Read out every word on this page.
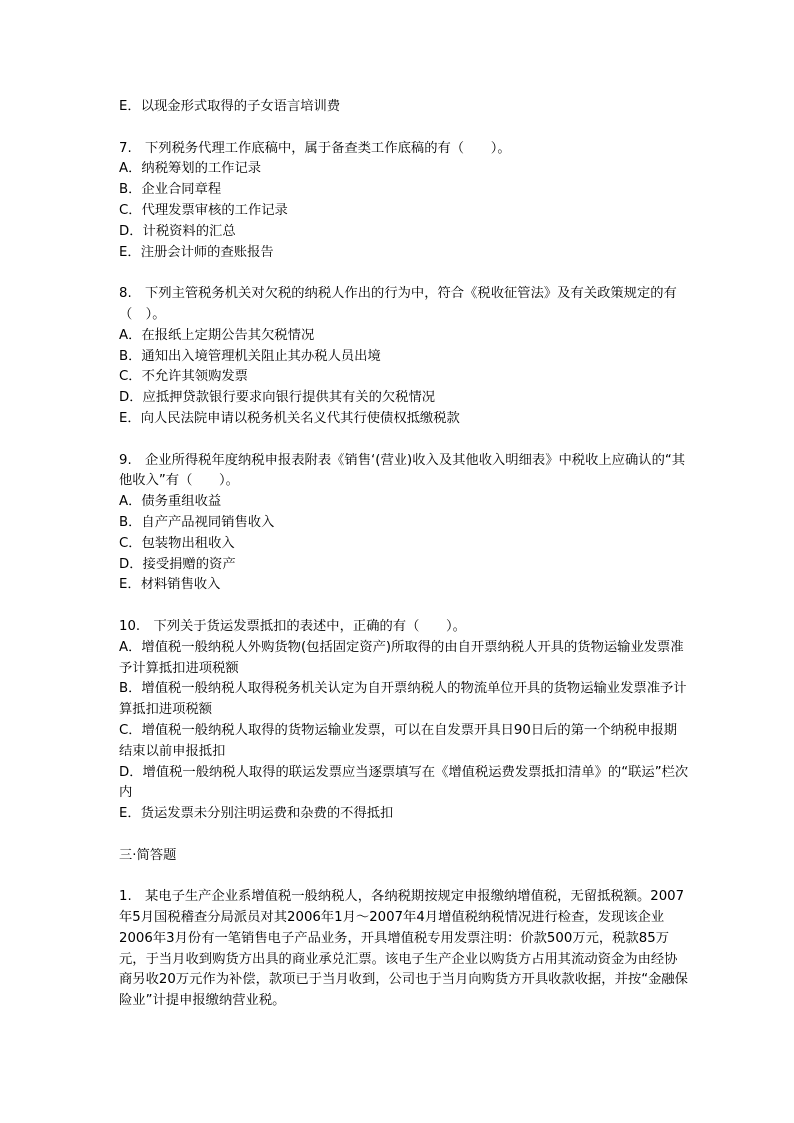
E．以现金形式取得的子女语言培训费
7.　下列税务代理工作底稿中，属于备查类工作底稿的有（　　）。
A．纳税筹划的工作记录
B．企业合同章程
C．代理发票审核的工作记录
D．计税资料的汇总
E．注册会计师的查账报告
8.　下列主管税务机关对欠税的纳税人作出的行为中，符合《税收征管法》及有关政策规定的有（　）。
A．在报纸上定期公告其欠税情况
B．通知出入境管理机关阻止其办税人员出境
C．不允许其领购发票
D．应抵押贷款银行要求向银行提供其有关的欠税情况
E．向人民法院申请以税务机关名义代其行使债权抵缴税款
9.　企业所得税年度纳税申报表附表《销售‘(营业)收入及其他收入明细表》中税收上应确认的“其他收入”有（　　）。
A．债务重组收益
B．自产产品视同销售收入
C．包装物出租收入
D．接受捐赠的资产
E．材料销售收入
10.　下列关于货运发票抵扣的表述中，正确的有（　　）。
A．增值税一般纳税人外购货物(包括固定资产)所取得的由自开票纳税人开具的货物运输业发票准予计算抵扣进项税额
B．增值税一般纳税人取得税务机关认定为自开票纳税人的物流单位开具的货物运输业发票准予计算抵扣进项税额
C．增值税一般纳税人取得的货物运输业发票，可以在自发票开具日90日后的第一个纳税申报期结束以前申报抵扣
D．增值税一般纳税人取得的联运发票应当逐票填写在《增值税运费发票抵扣清单》的“联运”栏次内
E．货运发票未分别注明运费和杂费的不得抵扣
三·简答题
1.　某电子生产企业系增值税一般纳税人，各纳税期按规定申报缴纳增值税，无留抵税额。2007年5月国税稽查分局派员对其2006年1月～2007年4月增值税纳税情况进行检查，发现该企业2006年3月份有一笔销售电子产品业务，开具增值税专用发票注明：价款500万元，税款85万元，于当月收到购货方出具的商业承兑汇票。该电子生产企业以购货方占用其流动资金为由经协商另收20万元作为补偿，款项已于当月收到，公司也于当月向购货方开具收款收据，并按“金融保险业”计提申报缴纳营业税。
